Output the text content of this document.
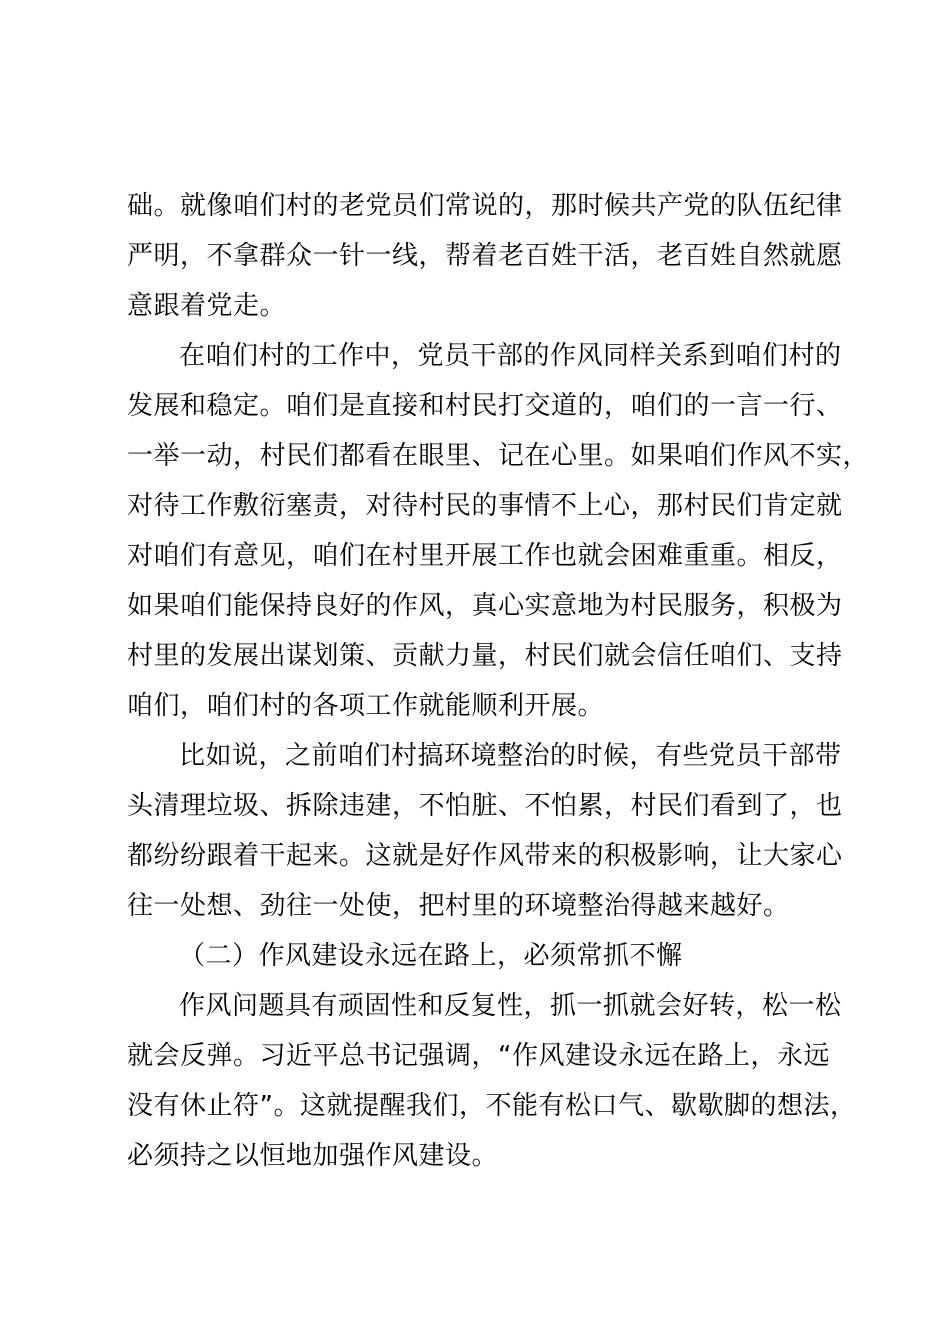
础。就像咱们村的老党员们常说的，那时候共产党的队伍纪律
严明，不拿群众一针一线，帮着老百姓干活，老百姓自然就愿
意跟着党走。
在咱们村的工作中，党员干部的作风同样关系到咱们村的
发展和稳定。咱们是直接和村民打交道的，咱们的一言一行、
一举一动，村民们都看在眼里、记在心里。如果咱们作风不实，
对待工作敷衍塞责，对待村民的事情不上心，那村民们肯定就
对咱们有意见，咱们在村里开展工作也就会困难重重。相反，
如果咱们能保持良好的作风，真心实意地为村民服务，积极为
村里的发展出谋划策、贡献力量，村民们就会信任咱们、支持
咱们，咱们村的各项工作就能顺利开展。
比如说，之前咱们村搞环境整治的时候，有些党员干部带
头清理垃圾、拆除违建，不怕脏、不怕累，村民们看到了，也
都纷纷跟着干起来。这就是好作风带来的积极影响，让大家心
往一处想、劲往一处使，把村里的环境整治得越来越好。
（二）作风建设永远在路上，必须常抓不懈
作风问题具有顽固性和反复性，抓一抓就会好转，松一松
就会反弹。习近平总书记强调，“作风建设永远在路上，永远
没有休止符”。这就提醒我们，不能有松口气、歇歇脚的想法，
必须持之以恒地加强作风建设。
